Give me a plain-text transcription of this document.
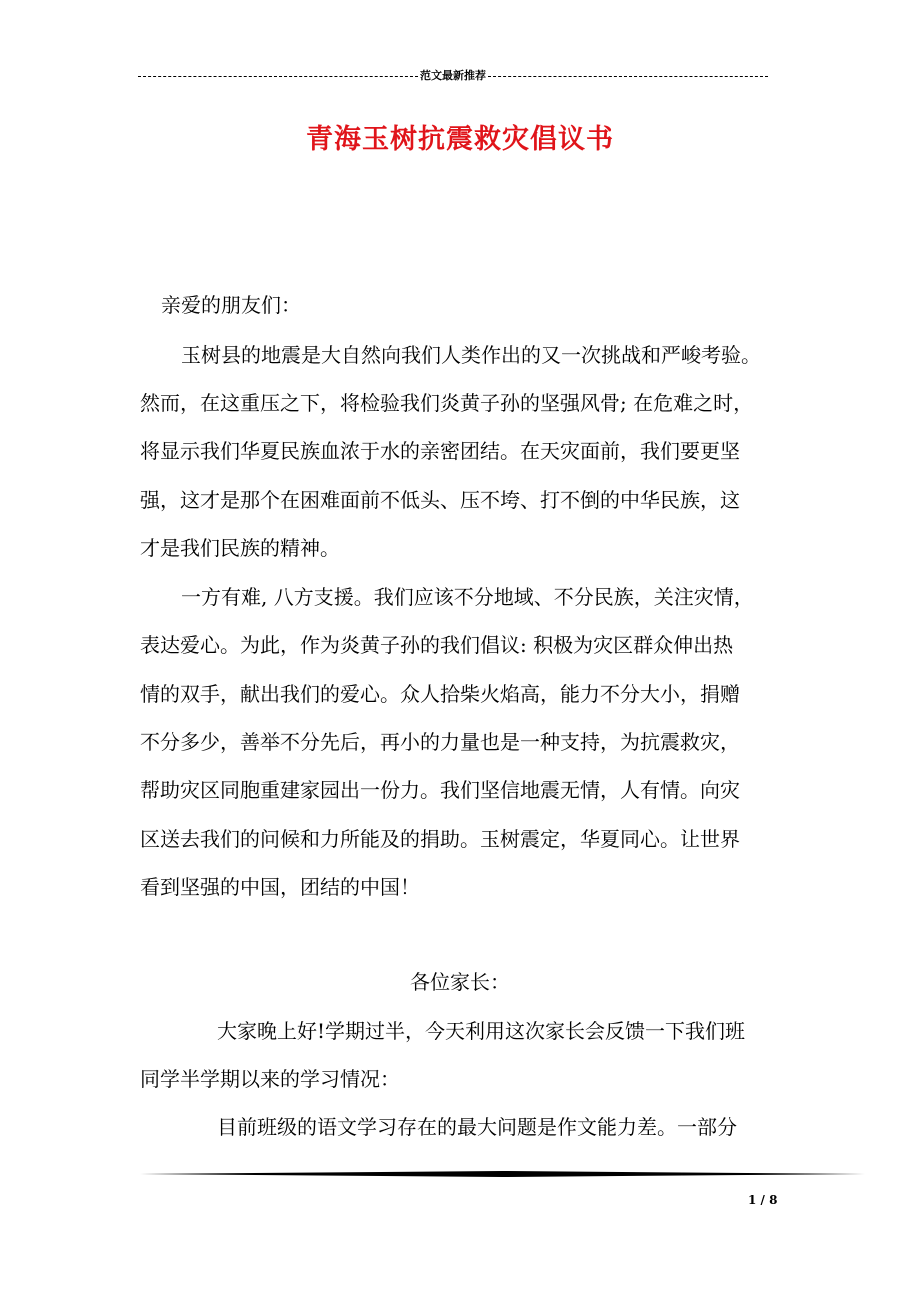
范文最新推荐
青海玉树抗震救灾倡议书
亲爱的朋友们：
玉树县的地震是大自然向我们人类作出的又一次挑战和严峻考验。
然而，在这重压之下，将检验我们炎黄子孙的坚强风骨; 在危难之时，
将显示我们华夏民族血浓于水的亲密团结。在天灾面前，我们要更坚
强，这才是那个在困难面前不低头、压不垮、打不倒的中华民族，这
才是我们民族的精神。
一方有难, 八方支援。我们应该不分地域、不分民族，关注灾情，
表达爱心。为此，作为炎黄子孙的我们倡议: 积极为灾区群众伸出热
情的双手，献出我们的爱心。众人拾柴火焰高，能力不分大小，捐赠
不分多少，善举不分先后，再小的力量也是一种支持，为抗震救灾，
帮助灾区同胞重建家园出一份力。我们坚信地震无情，人有情。向灾
区送去我们的问候和力所能及的捐助。玉树震定，华夏同心。让世界
看到坚强的中国，团结的中国！
各位家长：
大家晚上好!学期过半，今天利用这次家长会反馈一下我们班
同学半学期以来的学习情况：
目前班级的语文学习存在的最大问题是作文能力差。一部分
1 / 8
